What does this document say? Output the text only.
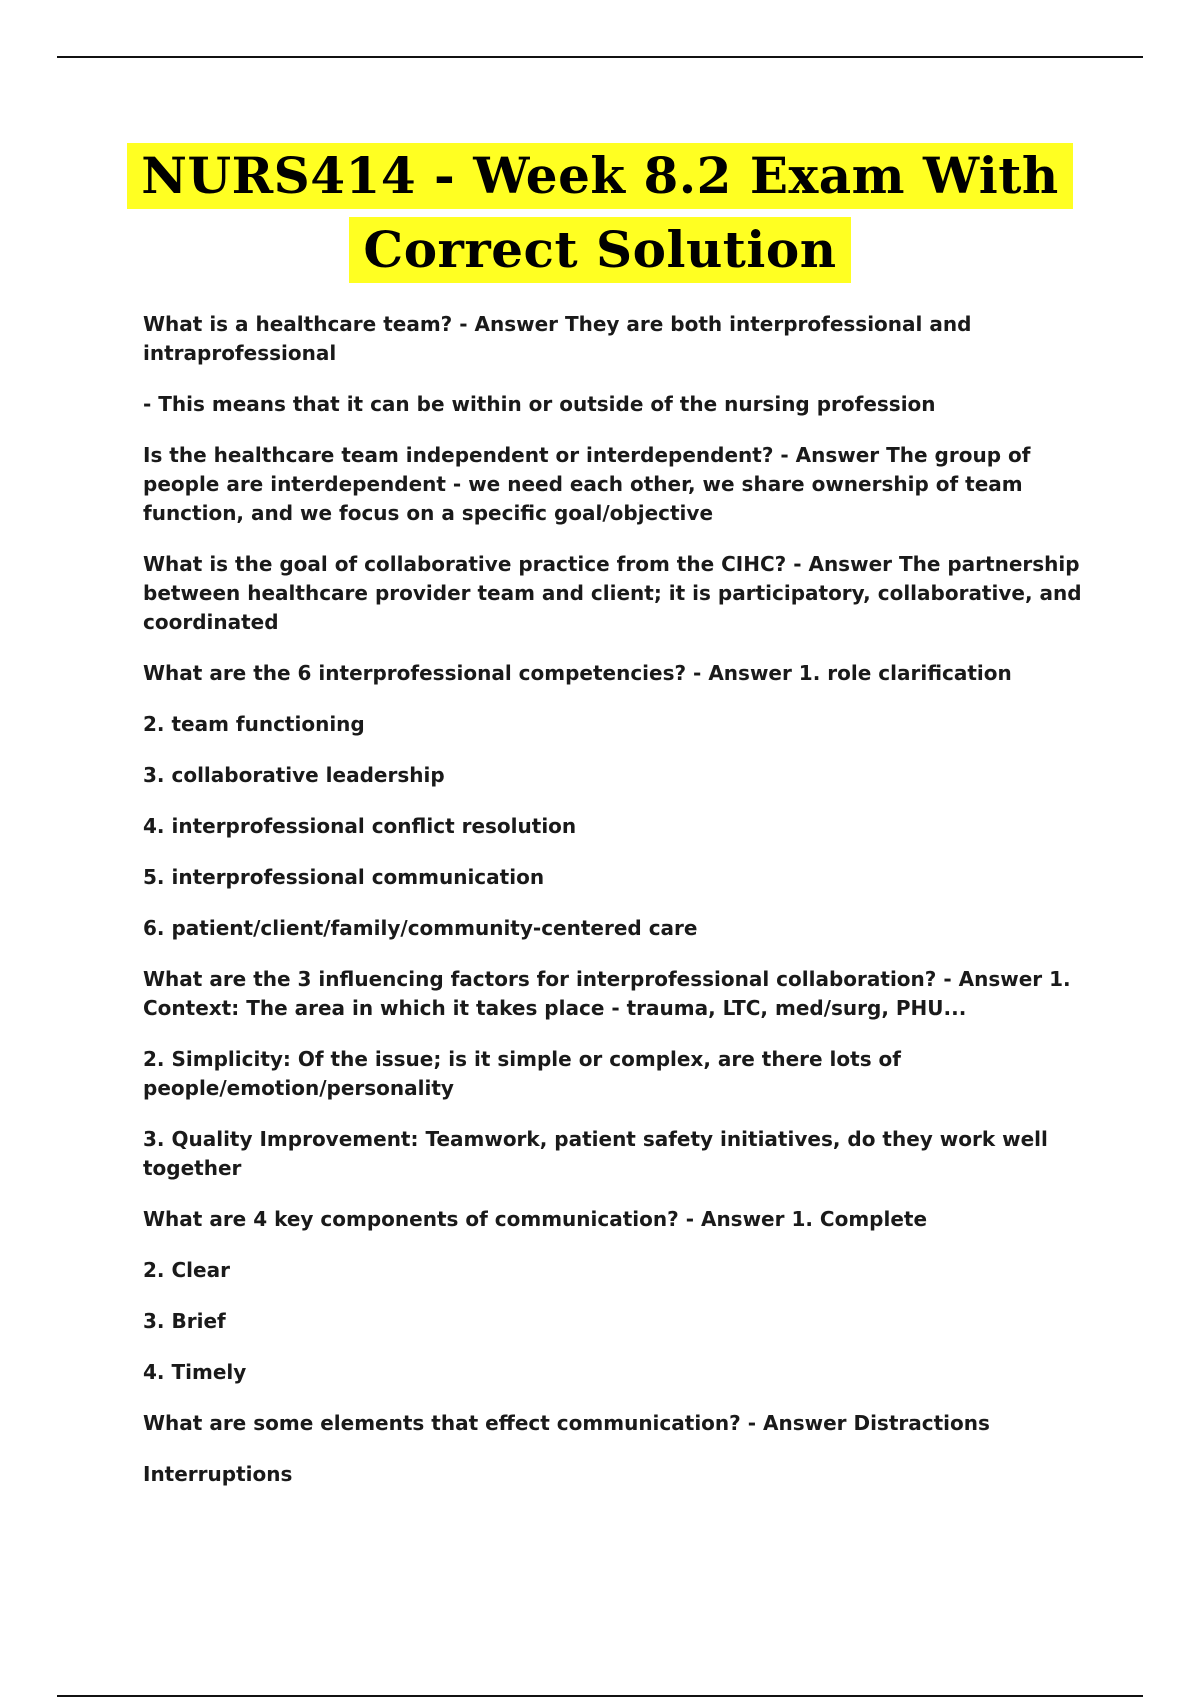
NURS414 - Week 8.2 Exam With
Correct Solution

What is a healthcare team? - Answer They are both interprofessional and intraprofessional

- This means that it can be within or outside of the nursing profession

Is the healthcare team independent or interdependent? - Answer The group of people are interdependent - we need each other, we share ownership of team function, and we focus on a specific goal/objective

What is the goal of collaborative practice from the CIHC? - Answer The partnership between healthcare provider team and client; it is participatory, collaborative, and coordinated

What are the 6 interprofessional competencies? - Answer 1. role clarification

2. team functioning

3. collaborative leadership

4. interprofessional conflict resolution

5. interprofessional communication

6. patient/client/family/community-centered care

What are the 3 influencing factors for interprofessional collaboration? - Answer 1. Context: The area in which it takes place - trauma, LTC, med/surg, PHU...

2. Simplicity: Of the issue; is it simple or complex, are there lots of people/emotion/personality

3. Quality Improvement: Teamwork, patient safety initiatives, do they work well together

What are 4 key components of communication? - Answer 1. Complete

2. Clear

3. Brief

4. Timely

What are some elements that effect communication? - Answer Distractions

Interruptions
